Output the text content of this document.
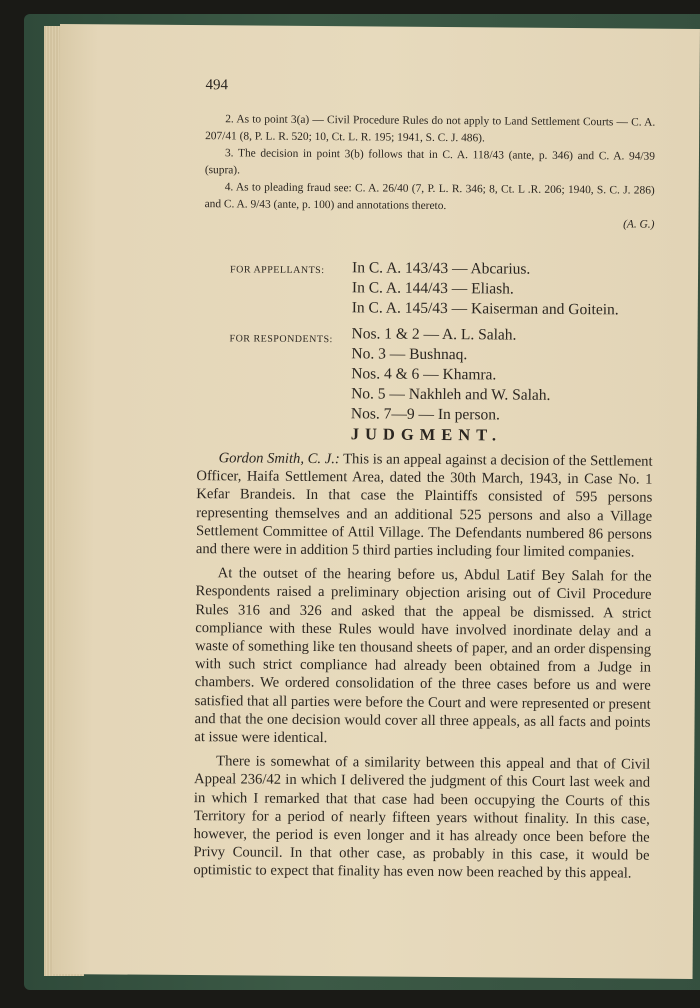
494

2. As to point 3(a) — Civil Procedure Rules do not apply to Land Settlement Courts — C. A. 207/41 (8, P. L. R. 520; 10, Ct. L. R. 195; 1941, S. C. J. 486).

3. The decision in point 3(b) follows that in C. A. 118/43 (ante, p. 346) and C. A. 94/39 (supra).

4. As to pleading fraud see: C. A. 26/40 (7, P. L. R. 346; 8, Ct. L .R. 206; 1940, S. C. J. 286) and C. A. 9/43 (ante, p. 100) and annotations thereto.

(A. G.)

FOR APPELLANTS:	In C. A. 143/43 — Abcarius.
In C. A. 144/43 — Eliash.
In C. A. 145/43 — Kaiserman and Goitein.
FOR RESPONDENTS:	Nos. 1 & 2 — A. L. Salah.
No. 3 — Bushnaq.
Nos. 4 & 6 — Khamra.
No. 5 — Nakhleh and W. Salah.
Nos. 7—9 — In person.
JUDGMENT.

Gordon Smith, C. J.: This is an appeal against a decision of the Settlement Officer, Haifa Settlement Area, dated the 30th March, 1943, in Case No. 1 Kefar Brandeis. In that case the Plaintiffs consisted of 595 persons representing themselves and an additional 525 persons and also a Village Settlement Committee of Attil Village. The Defendants numbered 86 persons and there were in addition 5 third parties including four limited companies.

At the outset of the hearing before us, Abdul Latif Bey Salah for the Respondents raised a preliminary objection arising out of Civil Procedure Rules 316 and 326 and asked that the appeal be dismissed. A strict compliance with these Rules would have involved inordinate delay and a waste of something like ten thousand sheets of paper, and an order dispensing with such strict compliance had already been obtained from a Judge in chambers. We ordered consolidation of the three cases before us and were satisfied that all parties were before the Court and were represented or present and that the one decision would cover all three appeals, as all facts and points at issue were identical.

There is somewhat of a similarity between this appeal and that of Civil Appeal 236/42 in which I delivered the judgment of this Court last week and in which I remarked that that case had been occupying the Courts of this Territory for a period of nearly fifteen years without finality. In this case, however, the period is even longer and it has already once been before the Privy Council. In that other case, as probably in this case, it would be optimistic to expect that finality has even now been reached by this appeal.
